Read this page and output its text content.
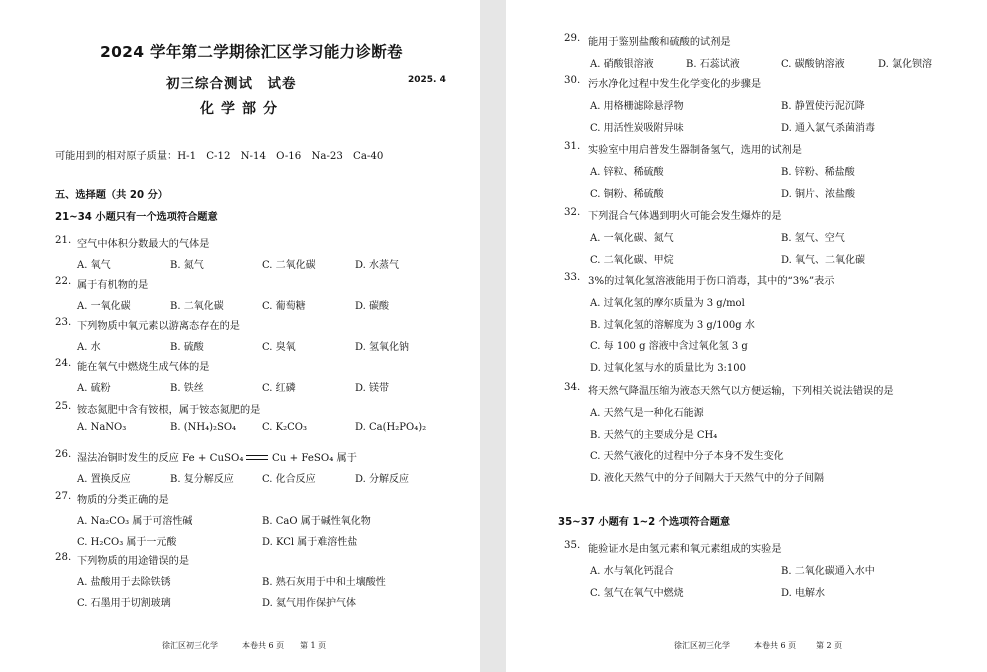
2024 学年第二学期徐汇区学习能力诊断卷
初三综合测试　试卷	2025. 4
化学部分
可能用到的相对原子质量：H-1　C-12　N-14　O-16　Na-23　Ca-40
五、选择题（共 20 分）
21~34 小题只有一个选项符合题意
21. 空气中体积分数最大的气体是
A. 氧气	B. 氮气	C. 二氧化碳	D. 水蒸气
22. 属于有机物的是
A. 一氧化碳	B. 二氧化碳	C. 葡萄糖	D. 碳酸
23. 下列物质中氧元素以游离态存在的是
A. 水	B. 硫酸	C. 臭氧	D. 氢氧化钠
24. 能在氧气中燃烧生成气体的是
A. 硫粉	B. 铁丝	C. 红磷	D. 镁带
25. 铵态氮肥中含有铵根，属于铵态氮肥的是
A. NaNO₃	B. (NH₄)₂SO₄	C. K₂CO₃	D. Ca(H₂PO₄)₂
26. 湿法冶铜时发生的反应 Fe + CuSO₄	Cu + FeSO₄ 属于
A. 置换反应	B. 复分解反应	C. 化合反应	D. 分解反应
27. 物质的分类正确的是
A. Na₂CO₃ 属于可溶性碱	B. CaO 属于碱性氧化物
C. H₂CO₃ 属于一元酸	D. KCl 属于难溶性盐
28. 下列物质的用途错误的是
A. 盐酸用于去除铁锈	B. 熟石灰用于中和土壤酸性
C. 石墨用于切割玻璃	D. 氦气用作保护气体
徐汇区初三化学	本卷共 6 页 第 1 页
29. 能用于鉴别盐酸和硫酸的试剂是
A. 硝酸银溶液	B. 石蕊试液	C. 碳酸钠溶液	D. 氯化钡溶
30. 污水净化过程中发生化学变化的步骤是
A. 用格栅滤除悬浮物	B. 静置使污泥沉降
C. 用活性炭吸附异味	D. 通入氯气杀菌消毒
31. 实验室中用启普发生器制备氢气，选用的试剂是
A. 锌粒、稀硫酸	B. 锌粉、稀盐酸
C. 铜粉、稀硫酸	D. 铜片、浓盐酸
32. 下列混合气体遇到明火可能会发生爆炸的是
A. 一氧化碳、氮气	B. 氢气、空气
C. 二氧化碳、甲烷	D. 氧气、二氧化碳
33. 3%的过氧化氢溶液能用于伤口消毒，其中的“3%”表示
A. 过氧化氢的摩尔质量为 3 g/mol
B. 过氧化氢的溶解度为 3 g/100g 水
C. 每 100 g 溶液中含过氧化氢 3 g
D. 过氧化氢与水的质量比为 3:100
34. 将天然气降温压缩为液态天然气以方便运输，下列相关说法错误的是
A. 天然气是一种化石能源
B. 天然气的主要成分是 CH₄
C. 天然气液化的过程中分子本身不发生变化
D. 液化天然气中的分子间隔大于天然气中的分子间隔
35. 能验证水是由氢元素和氧元素组成的实验是
A. 水与氧化钙混合	B. 二氧化碳通入水中
C. 氢气在氧气中燃烧	D. 电解水
35~37 小题有 1~2 个选项符合题意
徐汇区初三化学	本卷共 6 页 第 2 页
